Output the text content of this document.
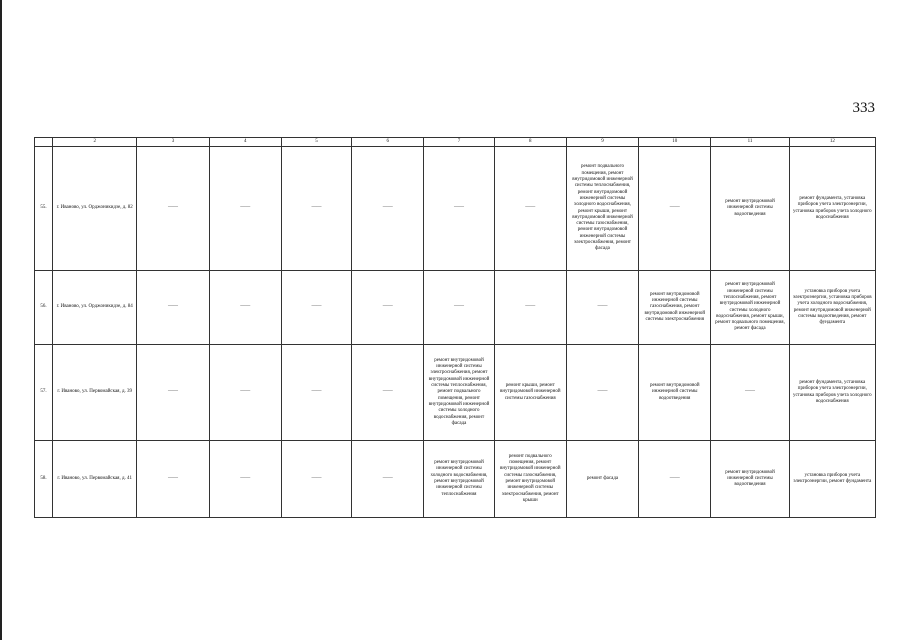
333
	2	3	4	5	6	7	8	9	10	11	12
55.	г. Иваново, ул. Орджоникидзе, д. 82	——	——	——	——	——	——	ремонт подвального помещения, ремонт внутридомовой инженерной системы теплоснабжения, ремонт внутридомовой инженерной системы холодного водоснабжения, ремонт крыши, ремонт внутридомовой инженерной системы газоснабжения, ремонт внутридомовой инженерной системы электроснабжения, ремонт фасада	——	ремонт внутридомовой инженерной системы водоотведения	ремонт фундамента, установка приборов учета электроэнергии, установка приборов учета холодного водоснабжения
56.	г. Иваново, ул. Орджоникидзе, д. 84	——	——	——	——	——	——	——	ремонт внутридомовой инженерной системы газоснабжения, ремонт внутридомовой инженерной системы электроснабжения	ремонт внутридомовой инженерной системы теплоснабжения, ремонт внутридомовой инженерной системы холодного водоснабжения, ремонт крыши, ремонт подвального помещения, ремонт фасада	установка приборов учета электроэнергии, установка приборов учета холодного водоснабжения, ремонт внутридомовой инженерной системы водоотведения, ремонт фундамента
57.	г. Иваново, ул. Первомайская, д. 39	——	——	——	——	ремонт внутридомовой инженерной системы электроснабжения, ремонт внутридомовой инженерной системы теплоснабжения, ремонт подвального помещения, ремонт внутридомовой инженерной системы холодного водоснабжения, ремонт фасада	ремонт крыши, ремонт внутридомовой инженерной системы газоснабжения	——	ремонт внутридомовой инженерной системы водоотведения	——	ремонт фундамента, установка приборов учета электроэнергии, установка приборов учета холодного водоснабжения
58.	г. Иваново, ул. Первомайская, д. 41	——	——	——	——	ремонт внутридомовой инженерной системы холодного водоснабжения, ремонт внутридомовой инженерной системы теплоснабжения	ремонт подвального помещения, ремонт внутридомовой инженерной системы газоснабжения, ремонт внутридомовой инженерной системы электроснабжения, ремонт крыши	ремонт фасада	——	ремонт внутридомовой инженерной системы водоотведения	установка приборов учета электроэнергии, ремонт фундамента
